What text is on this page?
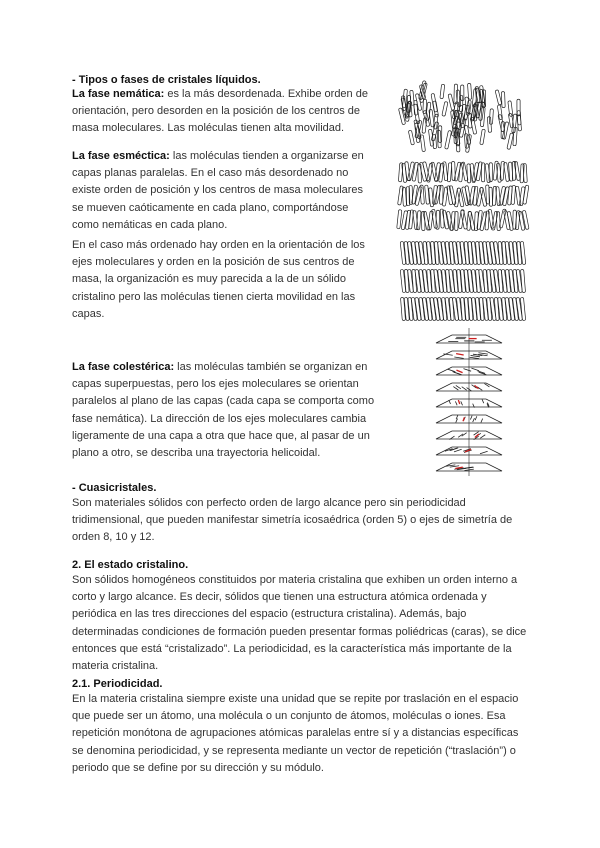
- Tipos o fases de cristales líquidos.

La fase nemática: es la más desordenada. Exhibe orden de orientación, pero desorden en la posición de los centros de masa moleculares. Las moléculas tienen alta movilidad.

La fase esméctica: las moléculas tienden a organizarse en capas planas paralelas. En el caso más desordenado no existe orden de posición y los centros de masa moleculares se mueven caóticamente en cada plano, comportándose como nemáticas en cada plano.

En el caso más ordenado hay orden en la orientación de los ejes moleculares y orden en la posición de sus centros de masa, la organización es muy parecida a la de un sólido cristalino pero las moléculas tienen cierta movilidad en las capas.

La fase colestérica: las moléculas también se organizan en capas superpuestas, pero los ejes moleculares se orientan paralelos al plano de las capas (cada capa se comporta como fase nemática). La dirección de los ejes moleculares cambia ligeramente de una capa a otra que hace que, al pasar de un plano a otro, se describa una trayectoria helicoidal.

- Cuasicristales.

Son materiales sólidos con perfecto orden de largo alcance pero sin periodicidad tridimensional, que pueden manifestar simetría icosaédrica (orden 5) o ejes de simetría de orden 8, 10 y 12.

2. El estado cristalino.

Son sólidos homogéneos constituidos por materia cristalina que exhiben un orden interno a corto y largo alcance. Es decir, sólidos que tienen una estructura atómica ordenada y periódica en las tres direcciones del espacio (estructura cristalina). Además, bajo determinadas condiciones de formación pueden presentar formas poliédricas (caras), se dice entonces que está “cristalizado”. La periodicidad, es la característica más importante de la materia cristalina.

2.1. Periodicidad.

En la materia cristalina siempre existe una unidad que se repite por traslación en el espacio que puede ser un átomo, una molécula o un conjunto de átomos, moléculas o iones. Esa repetición monótona de agrupaciones atómicas paralelas entre sí y a distancias específicas se denomina periodicidad, y se representa mediante un vector de repetición (“traslación”) o periodo que se define por su dirección y su módulo.
